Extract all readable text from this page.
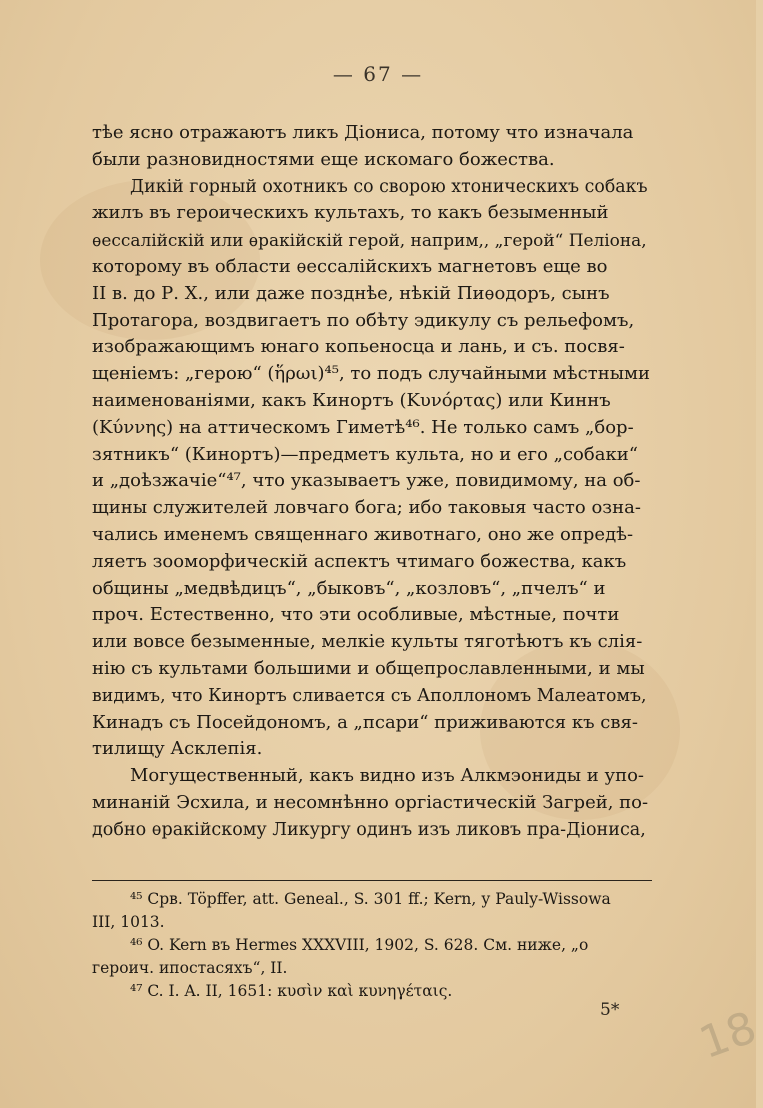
— 67 —
тѣе ясно отражаютъ ликъ Діониса, потому что изначала
были разновидностями еще искомаго божества.
Дикій горный охотникъ со сворою хтоническихъ собакъ
жилъ въ героическихъ культахъ, то какъ безыменный
ѳессалійскій или ѳракійскій герой, наприм,, „герой“ Пеліона,
которому въ области ѳессалійскихъ магнетовъ еще во
II в. до Р. Х., или даже позднѣе, нѣкій Пиѳодоръ, сынъ
Протагора, воздвигаетъ по обѣту эдикулу съ рельефомъ,
изображающимъ юнаго копьеносца и лань, и съ. посвя-
щеніемъ: „герою“ (ἥρωι)⁴⁵, то подъ случайными мѣстными
наименованіями, какъ Кинортъ (Κυνόρτας) или Киннъ
(Κύννης) на аттическомъ Гиметѣ⁴⁶. Не только самъ „бор-
зятникъ“ (Кинортъ)—предметъ культа, но и его „собаки“
и „доѣзжачіе“⁴⁷, что указываетъ уже, повидимому, на об-
щины служителей ловчаго бога; ибо таковыя часто озна-
чались именемъ священнаго животнаго, оно же опредѣ-
ляетъ зооморфическій аспектъ чтимаго божества, какъ
общины „медвѣдицъ“, „быковъ“, „козловъ“, „пчелъ“ и
проч. Естественно, что эти особливые, мѣстные, почти
или вовсе безыменные, мелкіе культы тяготѣютъ къ слія-
нію съ культами большими и общепрославленными, и мы
видимъ, что Кинортъ сливается съ Аполлономъ Малеатомъ,
Кинадъ съ Посейдономъ, а „псари“ приживаются къ свя-
тилищу Асклепія.
Могущественный, какъ видно изъ Алкмэониды и упо-
минаній Эсхила, и несомнѣнно оргіастическій Загрей, по-
добно ѳракійскому Ликургу одинъ изъ ликовъ пра-Діониса,
⁴⁵ Срв. Töpffer, att. Geneal., S. 301 ff.; Kern, у Pauly-Wissowa
III, 1013.
⁴⁶ O. Kern въ Hermes XXXVIII, 1902, S. 628. См. ниже, „о
героич. ипостасяхъ“, II.
⁴⁷ C. I. A. II, 1651: κυσὶν καὶ κυνηγέταις.
5* 18
